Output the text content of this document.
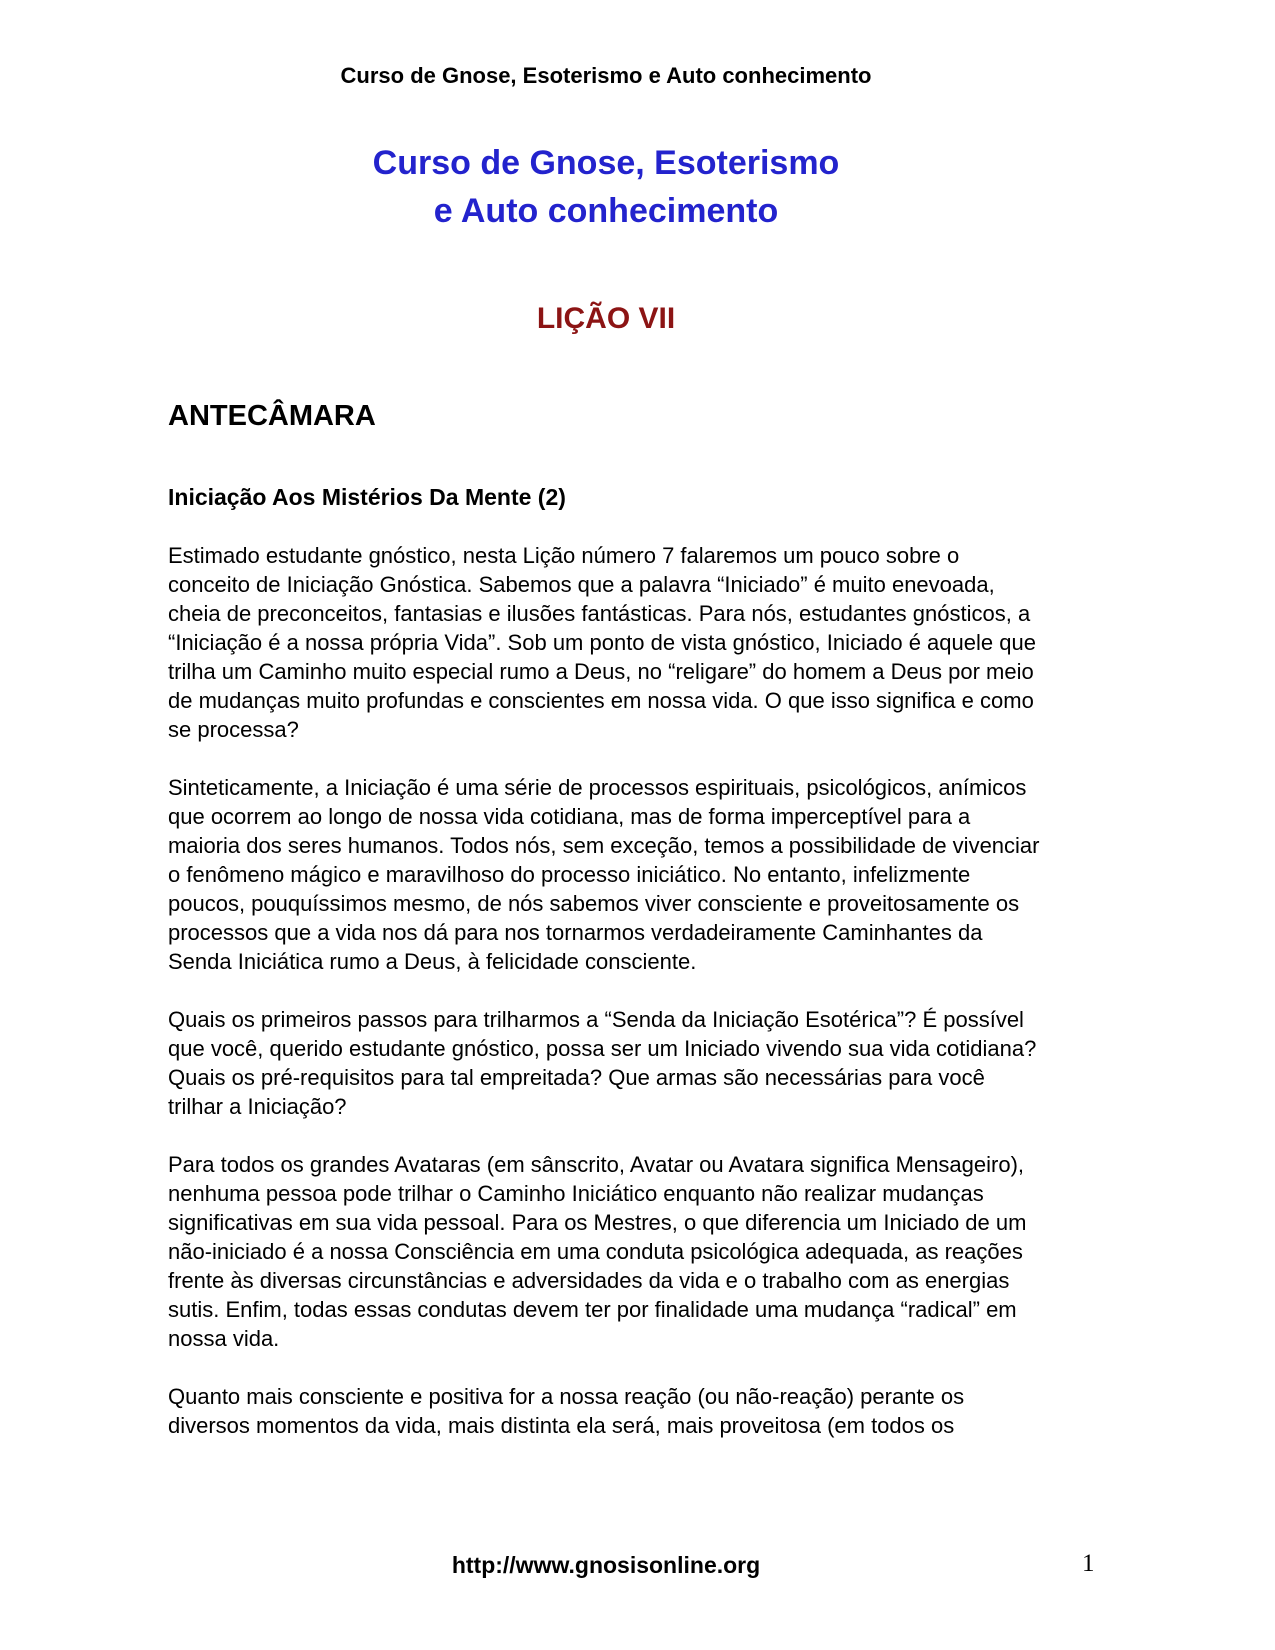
Curso de Gnose, Esoterismo e Auto conhecimento
Curso de Gnose, Esoterismo
e Auto conhecimento
LIÇÃO VII
ANTECÂMARA
Iniciação Aos Mistérios Da Mente (2)

Estimado estudante gnóstico, nesta Lição número 7 falaremos um pouco sobre o conceito de Iniciação Gnóstica. Sabemos que a palavra “Iniciado” é muito enevoada, cheia de preconceitos, fantasias e ilusões fantásticas. Para nós, estudantes gnósticos, a “Iniciação é a nossa própria Vida”. Sob um ponto de vista gnóstico, Iniciado é aquele que trilha um Caminho muito especial rumo a Deus, no “religare” do homem a Deus por meio de mudanças muito profundas e conscientes em nossa vida. O que isso significa e como se processa?

Sinteticamente, a Iniciação é uma série de processos espirituais, psicológicos, anímicos que ocorrem ao longo de nossa vida cotidiana, mas de forma imperceptível para a maioria dos seres humanos. Todos nós, sem exceção, temos a possibilidade de vivenciar o fenômeno mágico e maravilhoso do processo iniciático. No entanto, infelizmente poucos, pouquíssimos mesmo, de nós sabemos viver consciente e proveitosamente os processos que a vida nos dá para nos tornarmos verdadeiramente Caminhantes da Senda Iniciática rumo a Deus, à felicidade consciente.

Quais os primeiros passos para trilharmos a “Senda da Iniciação Esotérica”? É possível que você, querido estudante gnóstico, possa ser um Iniciado vivendo sua vida cotidiana? Quais os pré-requisitos para tal empreitada? Que armas são necessárias para você trilhar a Iniciação?

Para todos os grandes Avataras (em sânscrito, Avatar ou Avatara significa Mensageiro), nenhuma pessoa pode trilhar o Caminho Iniciático enquanto não realizar mudanças significativas em sua vida pessoal. Para os Mestres, o que diferencia um Iniciado de um não-iniciado é a nossa Consciência em uma conduta psicológica adequada, as reações frente às diversas circunstâncias e adversidades da vida e o trabalho com as energias sutis. Enfim, todas essas condutas devem ter por finalidade uma mudança “radical” em nossa vida.

Quanto mais consciente e positiva for a nossa reação (ou não-reação) perante os diversos momentos da vida, mais distinta ela será, mais proveitosa (em todos os

http://www.gnosisonline.org	1
